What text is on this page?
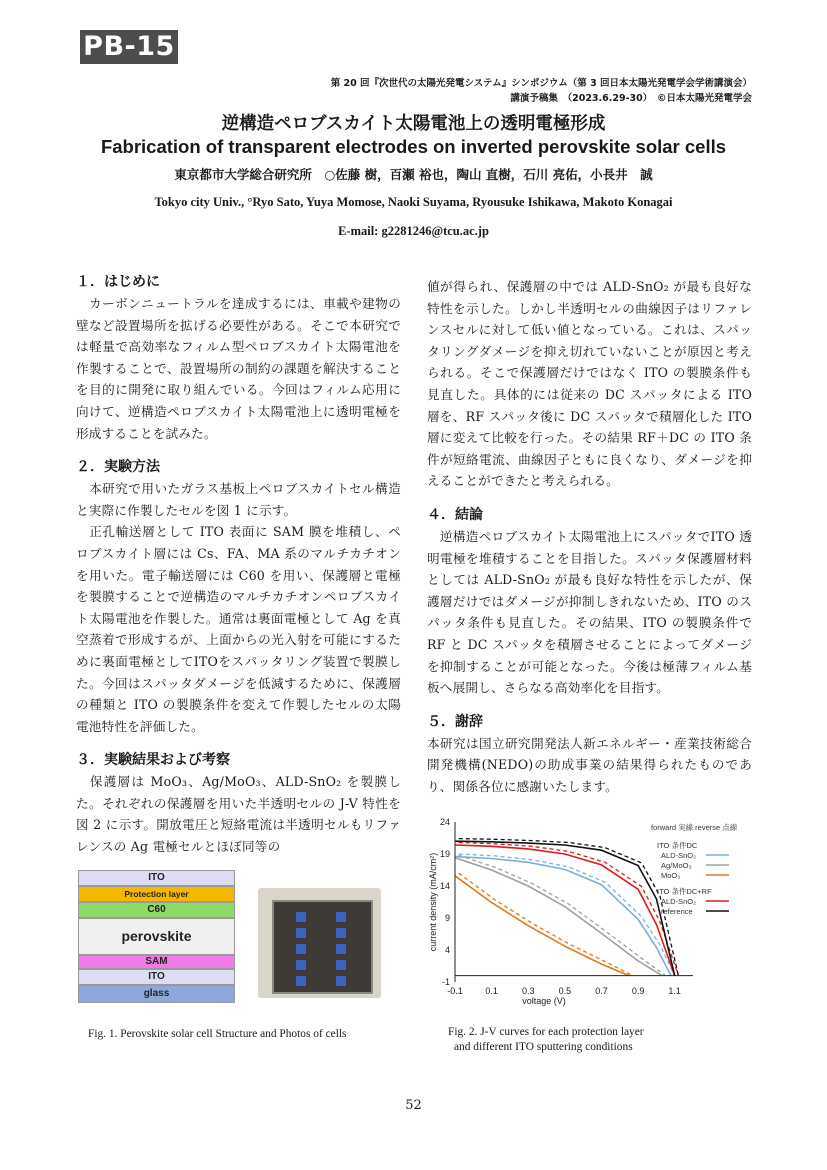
PB-15
第 20 回『次世代の太陽光発電システム』シンポジウム（第 3 回日本太陽光発電学会学術講演会）
講演予稿集　（2023.6.29-30）　©日本太陽光発電学会
逆構造ペロブスカイト太陽電池上の透明電極形成
Fabrication of transparent electrodes on inverted perovskite solar cells
東京都市大学総合研究所　○佐藤 樹，百瀬 裕也，陶山 直樹，石川 亮佑，小長井　誠
Tokyo city Univ., °Ryo Sato, Yuya Momose, Naoki Suyama, Ryousuke Ishikawa, Makoto Konagai
E-mail: g2281246@tcu.ac.jp

１．はじめに

　カーボンニュートラルを達成するには、車載や建物の壁など設置場所を拡げる必要性がある。そこで本研究では軽量で高効率なフィルム型ペロブスカイト太陽電池を作製することで、設置場所の制約の課題を解決することを目的に開発に取り組んでいる。今回はフィルム応用に向けて、逆構造ペロブスカイト太陽電池上に透明電極を形成することを試みた。

２．実験方法

　本研究で用いたガラス基板上ペロブスカイトセル構造と実際に作製したセルを図 1 に示す。

　正孔輸送層として ITO 表面に SAM 膜を堆積し、ペロブスカイト層には Cs、FA、MA 系のマルチカチオンを用いた。電子輸送層には C60 を用い、保護層と電極を製膜することで逆構造のマルチカチオンペロブスカイト太陽電池を作製した。通常は裏面電極として Ag を真空蒸着で形成するが、上面からの光入射を可能にするために裏面電極としてITOをスパッタリング装置で製膜した。今回はスパッタダメージを低減するために、保護層の種類と ITO の製膜条件を変えて作製したセルの太陽電池特性を評価した。

３．実験結果および考察

　保護層は MoO₃、Ag/MoO₃、ALD-SnO₂ を製膜した。それぞれの保護層を用いた半透明セルの J-V 特性を図 2 に示す。開放電圧と短絡電流は半透明セルもリファレンスの Ag 電極セルとほぼ同等の

値が得られ、保護層の中では ALD-SnO₂ が最も良好な特性を示した。しかし半透明セルの曲線因子はリファレンスセルに対して低い値となっている。これは、スパッタリングダメージを抑え切れていないことが原因と考えられる。そこで保護層だけではなく ITO の製膜条件も見直した。具体的には従来の DC スパッタによる ITO 層を、RF スパッタ後に DC スパッタで積層化した ITO 層に変えて比較を行った。その結果 RF＋DC の ITO 条件が短絡電流、曲線因子ともに良くなり、ダメージを抑えることができたと考えられる。

４．結論

　逆構造ペロブスカイト太陽電池上にスパッタでITO 透明電極を堆積することを目指した。スパッタ保護層材料としては ALD-SnO₂ が最も良好な特性を示したが、保護層だけではダメージが抑制しきれないため、ITO のスパッタ条件も見直した。その結果、ITO の製膜条件で RF と DC スパッタを積層させることによってダメージを抑制することが可能となった。今後は極薄フィルム基板へ展開し、さらなる高効率化を目指す。

５．謝辞

本研究は国立研究開発法人新エネルギー・産業技術総合開発機構(NEDO)の助成事業の結果得られたものであり、関係各位に感謝いたします。

ITO
Protection layer
C60
perovskite
SAM
ITO
glass
Fig. 1. Perovskite solar cell Structure and Photos of cells
-0.1	0.1	0.3	0.5	0.7	0.9	1.1
-1
4
9
14
19
24
voltage (V)
current density (mA/cm²)
forward 実線 reverse 点線
ITO 条件DC
ALD-SnO₂
Ag/MoO₃
MoO₃
ITO 条件DC+RF
ALD-SnO₂
reference
Fig. 2. J-V curves for each protection layer
and different ITO sputtering conditions
52
